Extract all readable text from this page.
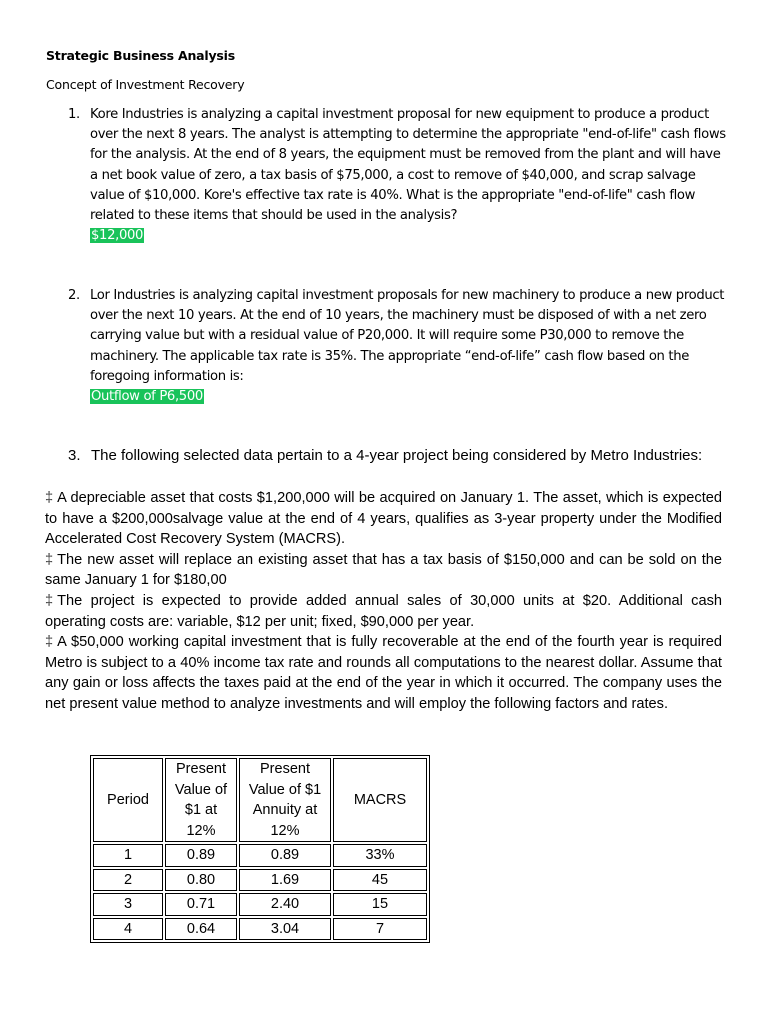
Strategic Business Analysis
Concept of Investment Recovery
1. Kore Industries is analyzing a capital investment proposal for new equipment to produce a product over the next 8 years. The analyst is attempting to determine the appropriate "end-of-life" cash flows for the analysis. At the end of 8 years, the equipment must be removed from the plant and will have a net book value of zero, a tax basis of $75,000, a cost to remove of $40,000, and scrap salvage value of $10,000. Kore's effective tax rate is 40%. What is the appropriate "end-of-life" cash flow related to these items that should be used in the analysis?
$12,000
2. Lor Industries is analyzing capital investment proposals for new machinery to produce a new product over the next 10 years. At the end of 10 years, the machinery must be disposed of with a net zero carrying value but with a residual value of P20,000. It will require some P30,000 to remove the machinery. The applicable tax rate is 35%. The appropriate “end-of-life” cash flow based on the foregoing information is:
Outflow of P6,500
3. The following selected data pertain to a 4-year project being considered by Metro Industries:

‡ A depreciable asset that costs $1,200,000 will be acquired on January 1. The asset, which is expected to have a $200,000salvage value at the end of 4 years, qualifies as 3-year property under the Modified Accelerated Cost Recovery System (MACRS).

‡ The new asset will replace an existing asset that has a tax basis of $150,000 and can be sold on the same January 1 for $180,00

‡ The project is expected to provide added annual sales of 30,000 units at $20. Additional cash operating costs are: variable, $12 per unit; fixed, $90,000 per year.

‡ A $50,000 working capital investment that is fully recoverable at the end of the fourth year is required Metro is subject to a 40% income tax rate and rounds all computations to the nearest dollar. Assume that any gain or loss affects the taxes paid at the end of the year in which it occurred. The company uses the net present value method to analyze investments and will employ the following factors and rates.

Period	Present Value of $1 at 12%	Present Value of $1 Annuity at 12%	MACRS
1	0.89	0.89	33%
2	0.80	1.69	45
3	0.71	2.40	15
4	0.64	3.04	7
